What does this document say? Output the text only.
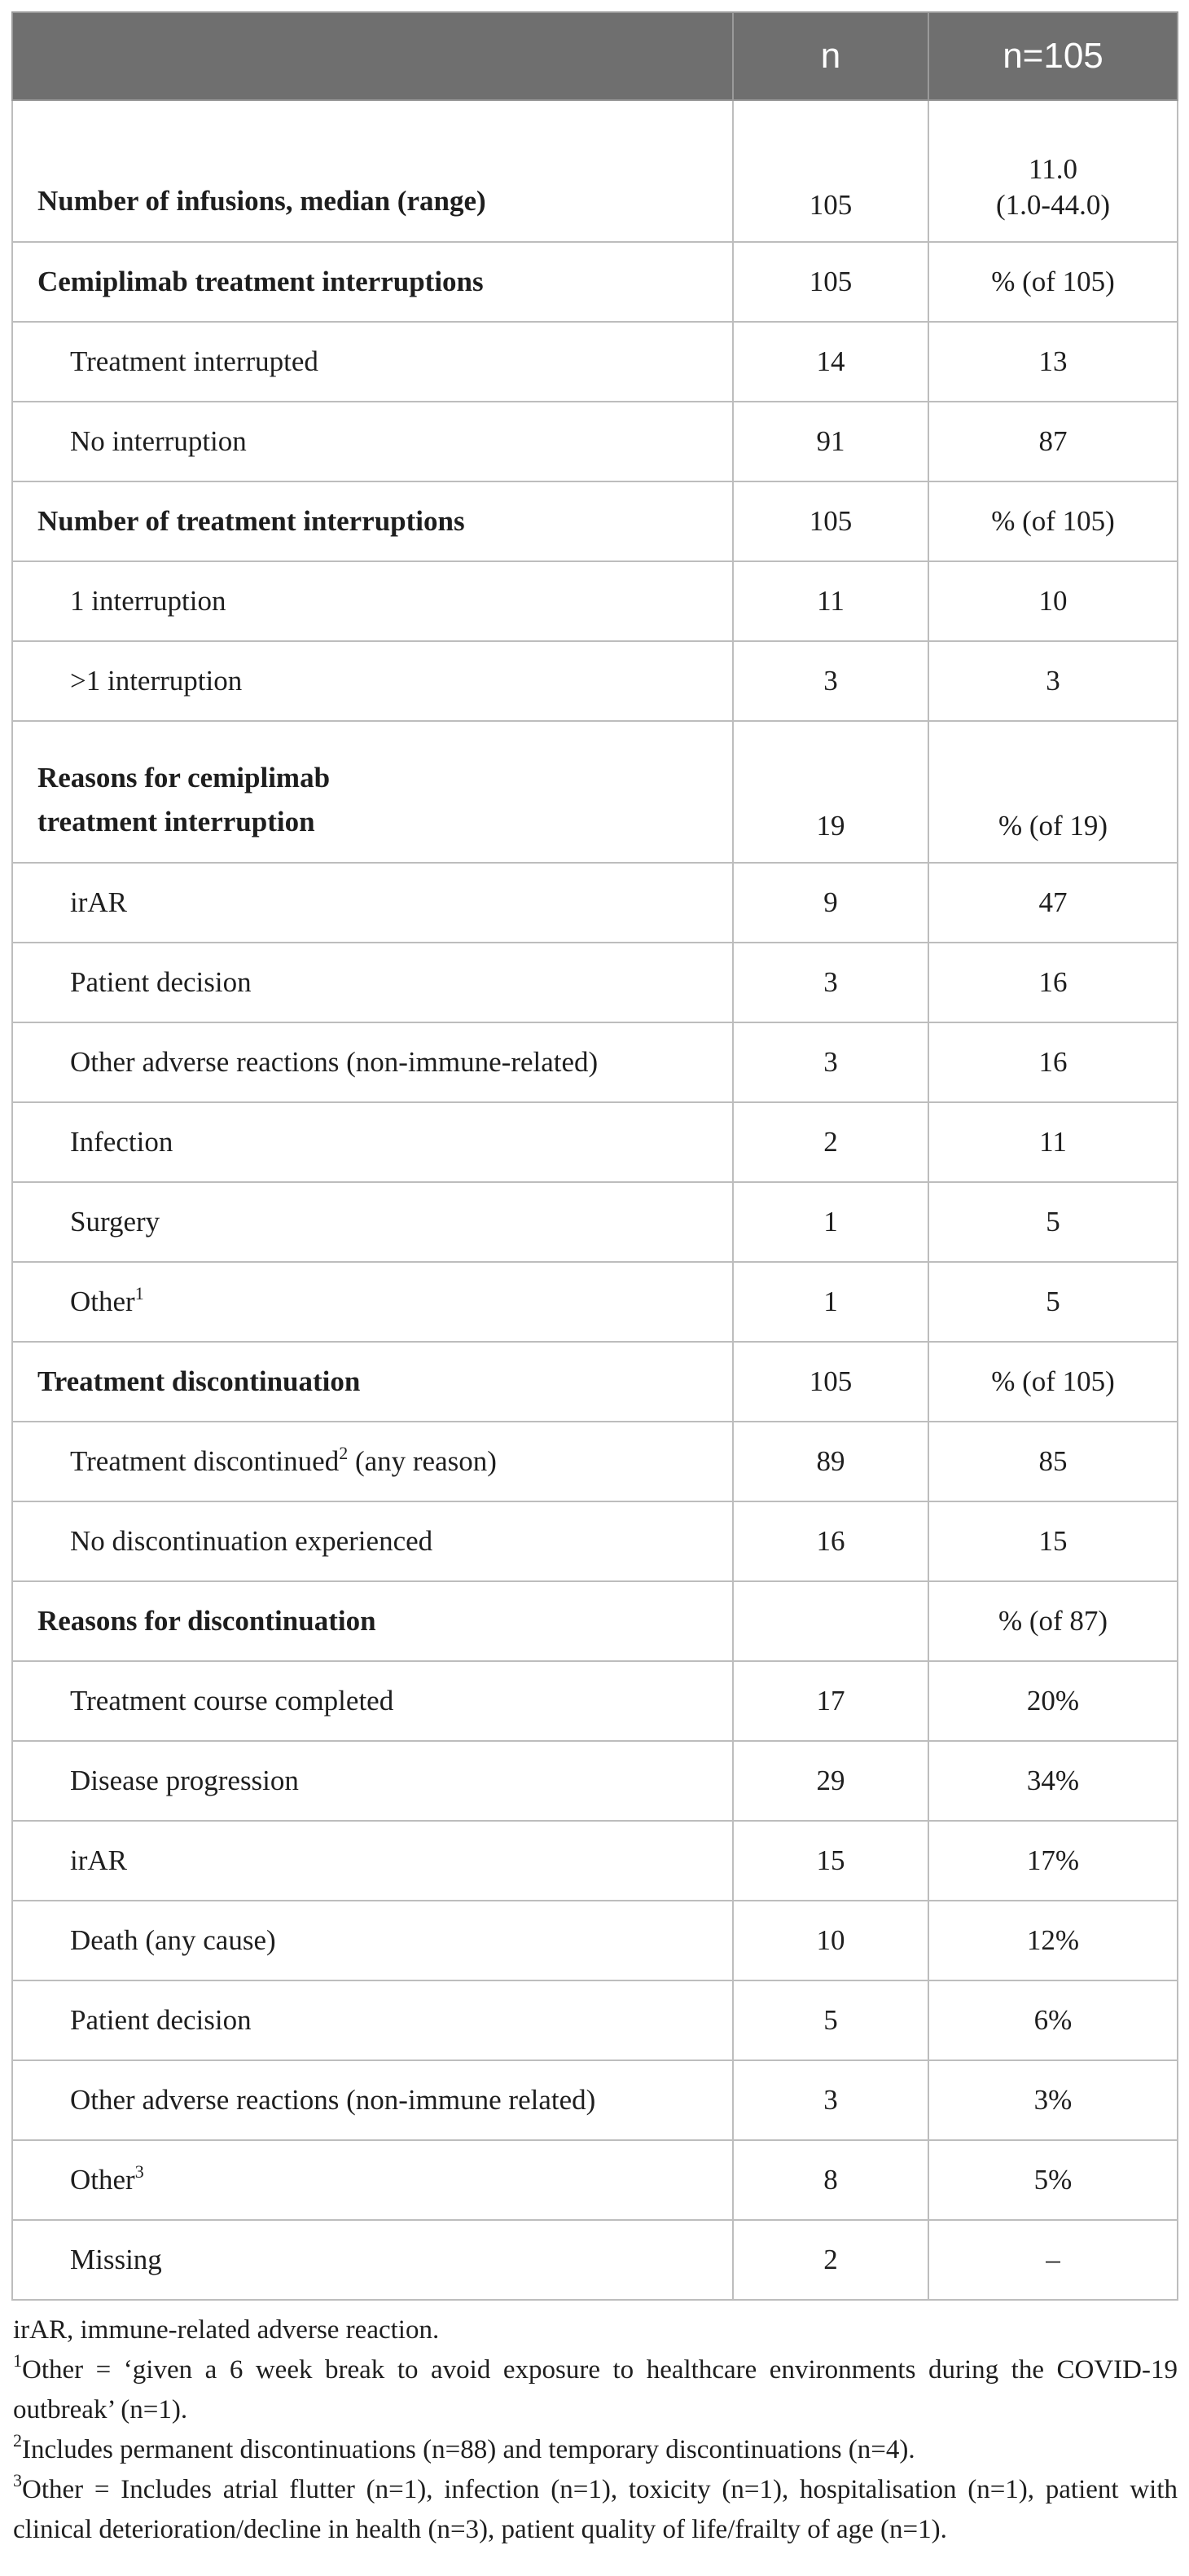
	n	n=105
Number of infusions, median (range)	105	11.0
(1.0-44.0)
Cemiplimab treatment interruptions	105	% (of 105)
Treatment interrupted	14	13
No interruption	91	87
Number of treatment interruptions	105	% (of 105)
1 interruption	11	10
>1 interruption	3	3
Reasons for cemiplimab
treatment interruption	19	% (of 19)
irAR	9	47
Patient decision	3	16
Other adverse reactions (non-immune-related)	3	16
Infection	2	11
Surgery	1	5
Other$^1$	1	5
Treatment discontinuation	105	% (of 105)
Treatment discontinued$^2$ (any reason)	89	85
No discontinuation experienced	16	15
Reasons for discontinuation		% (of 87)
Treatment course completed	17	20%
Disease progression	29	34%
irAR	15	17%
Death (any cause)	10	12%
Patient decision	5	6%
Other adverse reactions (non-immune related)	3	3%
Other$^3$	8	5%
Missing	2	–

irAR, immune-related adverse reaction.

$^1$Other = ‘given a 6 week break to avoid exposure to healthcare environments during the COVID-19 outbreak’ (n=1).

$^2$Includes permanent discontinuations (n=88) and temporary discontinuations (n=4).

$^3$Other = Includes atrial flutter (n=1), infection (n=1), toxicity (n=1), hospitalisation (n=1), patient with clinical deterioration/decline in health (n=3), patient quality of life/frailty of age (n=1).
